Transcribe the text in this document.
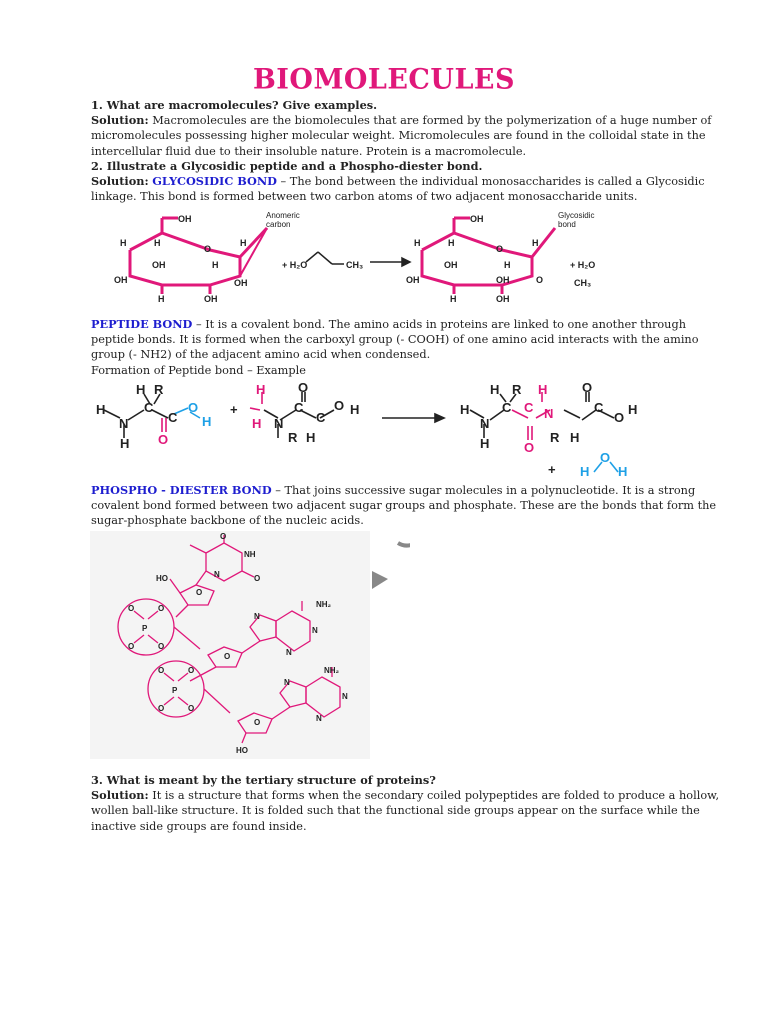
BIOMOLECULES
1. What are macromolecules? Give examples.
Solution: Macromolecules are the biomolecules that are formed by the polymerization of a huge number of micromolecules possessing higher molecular weight. Micromolecules are found in the colloidal state in the intercellular fluid due to their insoluble nature. Protein is a macromolecule.
2. Illustrate a Glycosidic peptide and a Phospho-diester bond.
Solution: GLYCOSIDIC BOND – The bond between the individual monosaccharides is called a Glycosidic linkage. This bond is formed between two carbon atoms of two adjacent monosaccharide units.
OH
H	H
O
H
OH	H
OH	OH
H	OH
+ H₂O	CH₃
OH
H	H
O
H
OH	H
OH	OH	O
H	OH
+ H₂O
CH₃
Anomeric
carbon
Glycosidic
bond
PEPTIDE BOND – It is a covalent bond. The amino acids in proteins are linked to one another through peptide bonds. It is formed when the carboxyl group (- COOH) of one amino acid interacts with the amino group (- NH2) of the adjacent amino acid when condensed.
Formation of Peptide bond – Example
H
N
H
H R
C
C
+
N
C
C
O
O H
R H
H
N
H
H R
C	C
O
O
H
R H
+
O
H
H
C
H
N
O
O
H
H
O
H
PHOSPHO - DIESTER BOND – That joins successive sugar molecules in a polynucleotide. It is a strong covalent bond formed between two adjacent sugar groups and phosphate. These are the bonds that form the sugar-phosphate backbone of the nucleic acids.
O
NH
O
N
HO
O
O	O
P
O	O
NH₂
N
N
N
O
O	O
P
O	O
NH₂
N
N
N
O
HO
3. What is meant by the tertiary structure of proteins?
Solution: It is a structure that forms when the secondary coiled polypeptides are folded to produce a hollow, wollen ball-like structure. It is folded such that the functional side groups appear on the surface while the inactive side groups are found inside.
